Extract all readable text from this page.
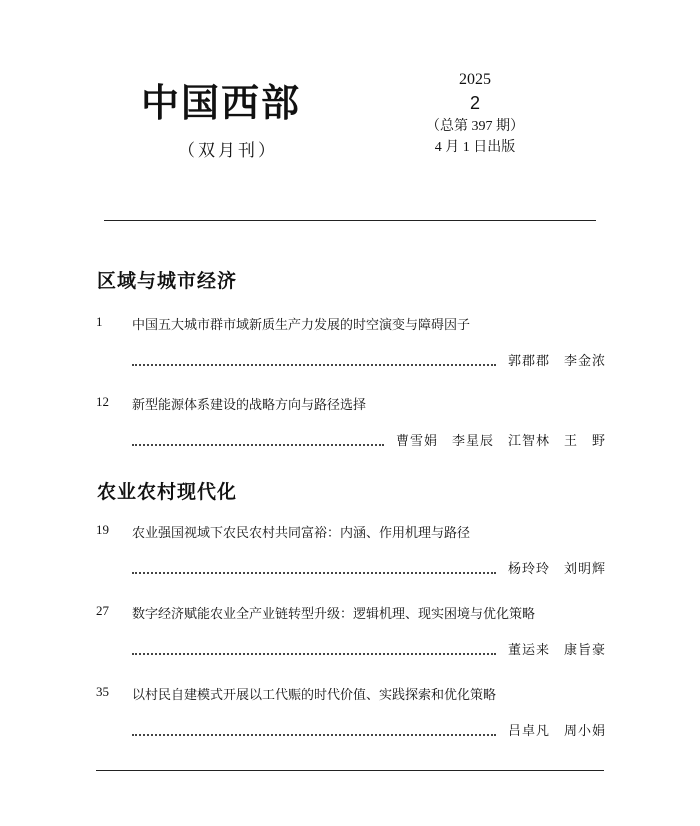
中国西部
（双月刊）
2025
2
（总第 397 期）
4 月 1 日出版
区域与城市经济
1 中国五大城市群市域新质生产力发展的时空演变与障碍因子
郭郡郡 李金浓
12 新型能源体系建设的战略方向与路径选择
曹雪娟 李星辰 江智林 王　野
农业农村现代化
19 农业强国视域下农民农村共同富裕：内涵、作用机理与路径
杨玲玲 刘明辉
27 数字经济赋能农业全产业链转型升级：逻辑机理、现实困境与优化策略
董运来 康旨豪
35 以村民自建模式开展以工代赈的时代价值、实践探索和优化策略
吕卓凡 周小娟
